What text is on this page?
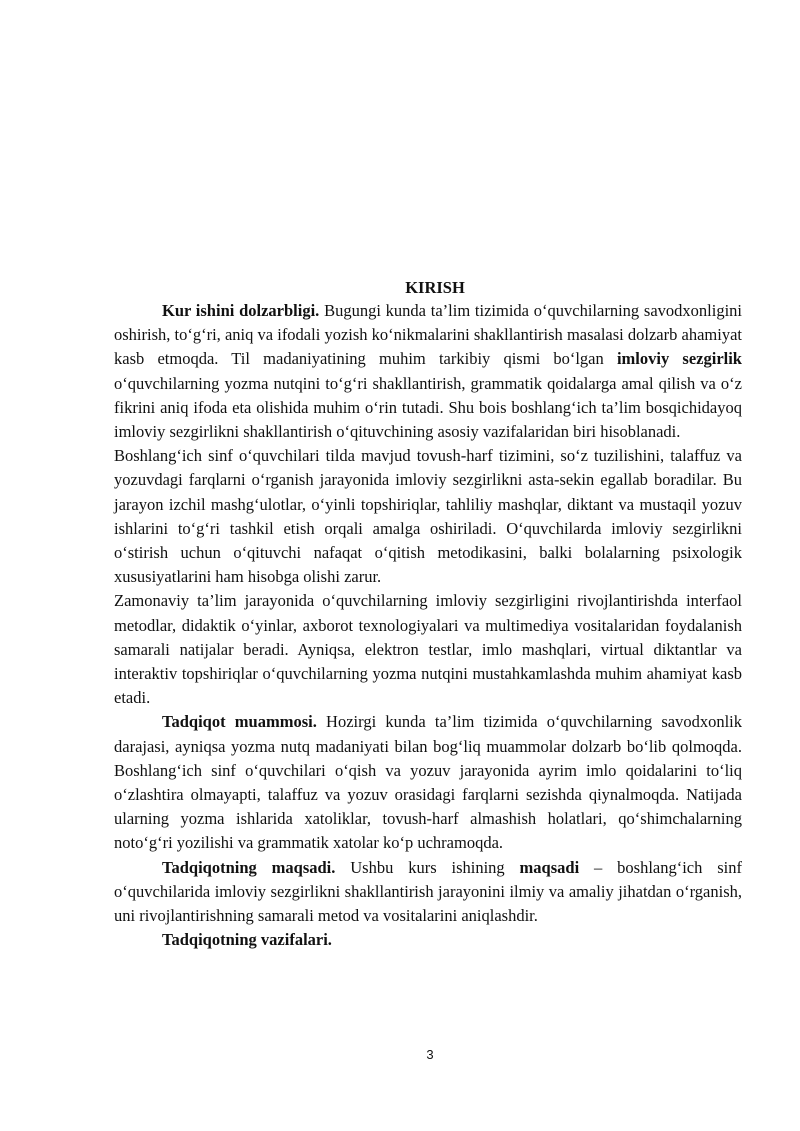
KIRISH

Kur ishini dolzarbligi. Bugungi kunda ta’lim tizimida o‘quvchilarning savodxonligini oshirish, to‘g‘ri, aniq va ifodali yozish ko‘nikmalarini shakllantirish masalasi dolzarb ahamiyat kasb etmoqda. Til madaniyatining muhim tarkibiy qismi bo‘lgan imloviy sezgirlik o‘quvchilarning yozma nutqini to‘g‘ri shakllantirish, grammatik qoidalarga amal qilish va o‘z fikrini aniq ifoda eta olishida muhim o‘rin tutadi. Shu bois boshlang‘ich ta’lim bosqichidayoq imloviy sezgirlikni shakllantirish o‘qituvchining asosiy vazifalaridan biri hisoblanadi.

Boshlang‘ich sinf o‘quvchilari tilda mavjud tovush-harf tizimini, so‘z tuzilishini, talaffuz va yozuvdagi farqlarni o‘rganish jarayonida imloviy sezgirlikni asta-sekin egallab boradilar. Bu jarayon izchil mashg‘ulotlar, o‘yinli topshiriqlar, tahliliy mashqlar, diktant va mustaqil yozuv ishlarini to‘g‘ri tashkil etish orqali amalga oshiriladi. O‘quvchilarda imloviy sezgirlikni o‘stirish uchun o‘qituvchi nafaqat o‘qitish metodikasini, balki bolalarning psixologik xususiyatlarini ham hisobga olishi zarur.

Zamonaviy ta’lim jarayonida o‘quvchilarning imloviy sezgirligini rivojlantirishda interfaol metodlar, didaktik o‘yinlar, axborot texnologiyalari va multimediya vositalaridan foydalanish samarali natijalar beradi. Ayniqsa, elektron testlar, imlo mashqlari, virtual diktantlar va interaktiv topshiriqlar o‘quvchilarning yozma nutqini mustahkamlashda muhim ahamiyat kasb etadi.

Tadqiqot muammosi. Hozirgi kunda ta’lim tizimida o‘quvchilarning savodxonlik darajasi, ayniqsa yozma nutq madaniyati bilan bog‘liq muammolar dolzarb bo‘lib qolmoqda. Boshlang‘ich sinf o‘quvchilari o‘qish va yozuv jarayonida ayrim imlo qoidalarini to‘liq o‘zlashtira olmayapti, talaffuz va yozuv orasidagi farqlarni sezishda qiynalmoqda. Natijada ularning yozma ishlarida xatoliklar, tovush-harf almashish holatlari, qo‘shimchalarning noto‘g‘ri yozilishi va grammatik xatolar ko‘p uchramoqda.

Tadqiqotning maqsadi. Ushbu kurs ishining maqsadi – boshlang‘ich sinf o‘quvchilarida imloviy sezgirlikni shakllantirish jarayonini ilmiy va amaliy jihatdan o‘rganish, uni rivojlantirishning samarali metod va vositalarini aniqlashdir.

Tadqiqotning vazifalari.

3
